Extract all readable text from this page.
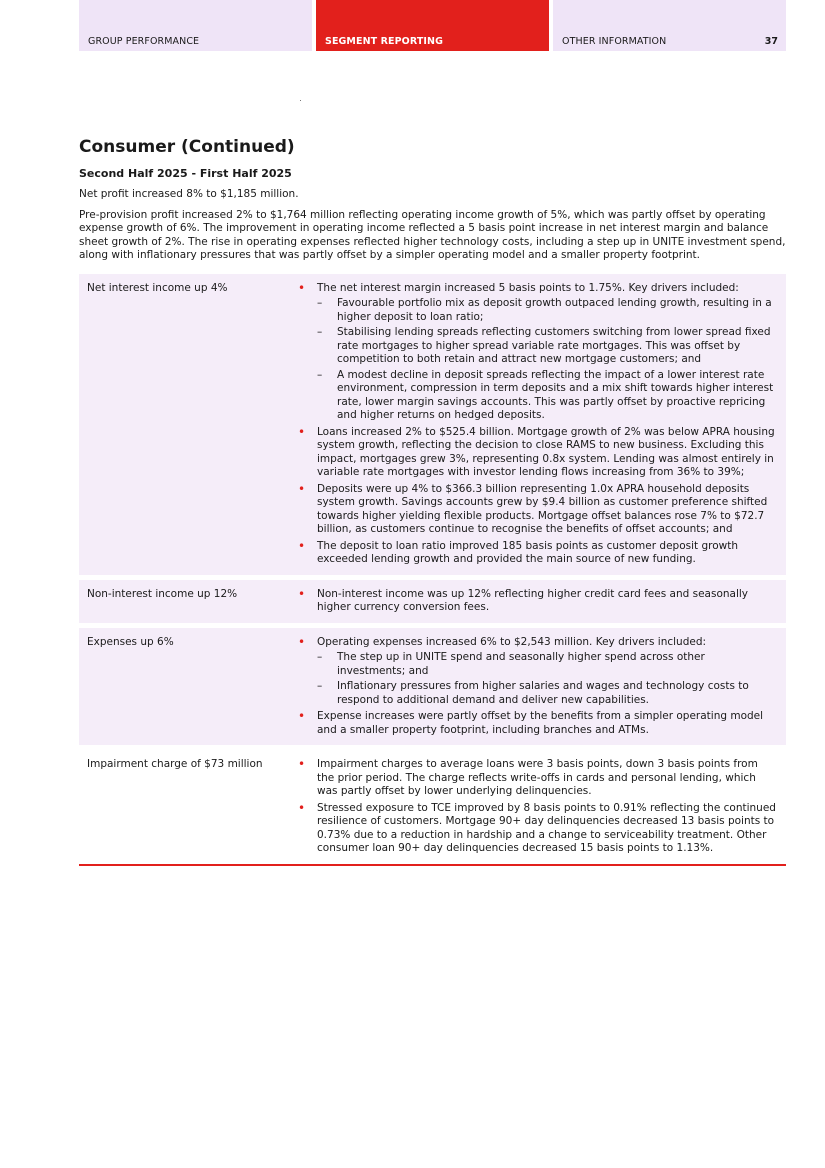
GROUP PERFORMANCE	SEGMENT REPORTING	OTHER INFORMATION	37
Consumer (Continued)
Second Half 2025 - First Half 2025

Net profit increased 8% to $1,185 million.

Pre-provision profit increased 2% to $1,764 million reflecting operating income growth of 5%, which was partly offset by operating expense growth of 6%. The improvement in operating income reflected a 5 basis point increase in net interest margin and balance sheet growth of 2%. The rise in operating expenses reflected higher technology costs, including a step up in UNITE investment spend, along with inflationary pressures that was partly offset by a simpler operating model and a smaller property footprint.

Net interest income up 4%	• The net interest margin increased 5 basis points to 1.75%. Key drivers included:
– Favourable portfolio mix as deposit growth outpaced lending growth, resulting in a higher deposit to loan ratio;
– Stabilising lending spreads reflecting customers switching from lower spread fixed rate mortgages to higher spread variable rate mortgages. This was offset by competition to both retain and attract new mortgage customers; and
– A modest decline in deposit spreads reflecting the impact of a lower interest rate environment, compression in term deposits and a mix shift towards higher interest rate, lower margin savings accounts. This was partly offset by proactive repricing and higher returns on hedged deposits.
• Loans increased 2% to $525.4 billion. Mortgage growth of 2% was below APRA housing system growth, reflecting the decision to close RAMS to new business. Excluding this impact, mortgages grew 3%, representing 0.8x system. Lending was almost entirely in variable rate mortgages with investor lending flows increasing from 36% to 39%;
• Deposits were up 4% to $366.3 billion representing 1.0x APRA household deposits system growth. Savings accounts grew by $9.4 billion as customer preference shifted towards higher yielding flexible products. Mortgage offset balances rose 7% to $72.7 billion, as customers continue to recognise the benefits of offset accounts; and
• The deposit to loan ratio improved 185 basis points as customer deposit growth exceeded lending growth and provided the main source of new funding.
Non-interest income up 12%	• Non-interest income was up 12% reflecting higher credit card fees and seasonally higher currency conversion fees.
Expenses up 6%	• Operating expenses increased 6% to $2,543 million. Key drivers included:
– The step up in UNITE spend and seasonally higher spend across other investments; and
– Inflationary pressures from higher salaries and wages and technology costs to respond to additional demand and deliver new capabilities.
• Expense increases were partly offset by the benefits from a simpler operating model and a smaller property footprint, including branches and ATMs.
Impairment charge of $73 million	• Impairment charges to average loans were 3 basis points, down 3 basis points from the prior period. The charge reflects write-offs in cards and personal lending, which was partly offset by lower underlying delinquencies.
• Stressed exposure to TCE improved by 8 basis points to 0.91% reflecting the continued resilience of customers. Mortgage 90+ day delinquencies decreased 13 basis points to 0.73% due to a reduction in hardship and a change to serviceability treatment. Other consumer loan 90+ day delinquencies decreased 15 basis points to 1.13%.
